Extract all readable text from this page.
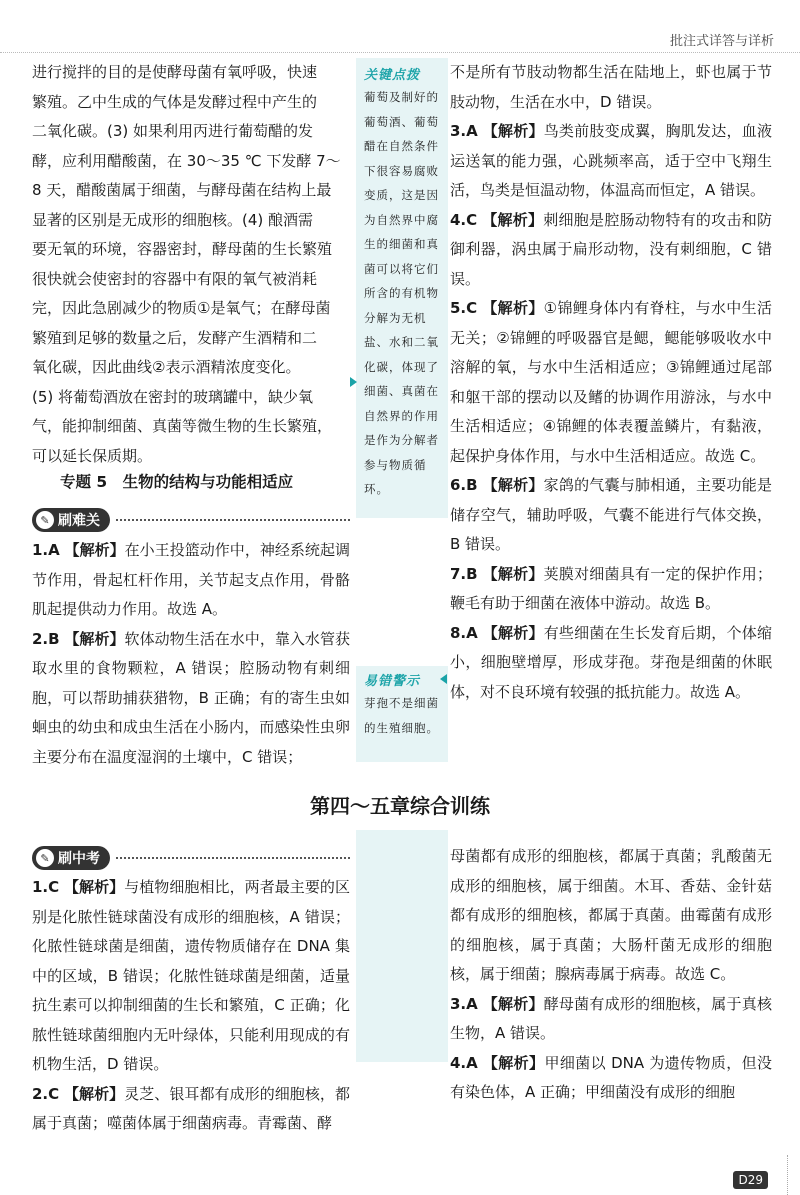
批注式详答与详析

进行搅拌的目的是使酵母菌有氧呼吸，快速

繁殖。乙中生成的气体是发酵过程中产生的

二氧化碳。(3) 如果利用丙进行葡萄醋的发

酵，应利用醋酸菌，在 30～35 ℃ 下发酵 7～

8 天，醋酸菌属于细菌，与酵母菌在结构上最

显著的区别是无成形的细胞核。(4) 酿酒需

要无氧的环境，容器密封，酵母菌的生长繁殖

很快就会使密封的容器中有限的氧气被消耗

完，因此急剧减少的物质①是氧气；在酵母菌

繁殖到足够的数量之后，发酵产生酒精和二

氧化碳，因此曲线②表示酒精浓度变化。

(5) 将葡萄酒放在密封的玻璃罐中，缺少氧

气，能抑制细菌、真菌等微生物的生长繁殖，

可以延长保质期。

专题 5　生物的结构与功能相适应
✎ 刷难关

1.A 【解析】在小王投篮动作中，神经系统起调节作用，骨起杠杆作用，关节起支点作用，骨骼肌起提供动力作用。故选 A。

2.B 【解析】软体动物生活在水中，靠入水管获取水里的食物颗粒，A 错误；腔肠动物有刺细胞，可以帮助捕获猎物，B 正确；有的寄生虫如蛔虫的幼虫和成虫生活在小肠内，而感染性虫卵主要分布在温度湿润的土壤中，C 错误；

关键点拨
葡萄及制好的葡萄酒、葡萄醋在自然条件下很容易腐败变质，这是因为自然界中腐生的细菌和真菌可以将它们所含的有机物分解为无机盐、水和二氧化碳，体现了细菌、真菌在自然界的作用是作为分解者参与物质循环。
易错警示
芽孢不是细菌的生殖细胞。

不是所有节肢动物都生活在陆地上，虾也属于节肢动物，生活在水中，D 错误。

3.A 【解析】鸟类前肢变成翼，胸肌发达，血液运送氧的能力强，心跳频率高，适于空中飞翔生活，鸟类是恒温动物，体温高而恒定，A 错误。

4.C 【解析】刺细胞是腔肠动物特有的攻击和防御利器，涡虫属于扁形动物，没有刺细胞，C 错误。

5.C 【解析】①锦鲤身体内有脊柱，与水中生活无关；②锦鲤的呼吸器官是鳃，鳃能够吸收水中溶解的氧，与水中生活相适应；③锦鲤通过尾部和躯干部的摆动以及鳍的协调作用游泳，与水中生活相适应；④锦鲤的体表覆盖鳞片，有黏液，起保护身体作用，与水中生活相适应。故选 C。

6.B 【解析】家鸽的气囊与肺相通，主要功能是储存空气，辅助呼吸，气囊不能进行气体交换，B 错误。

7.B 【解析】荚膜对细菌具有一定的保护作用；鞭毛有助于细菌在液体中游动。故选 B。

8.A 【解析】有些细菌在生长发育后期，个体缩小，细胞壁增厚，形成芽孢。芽孢是细菌的休眠体，对不良环境有较强的抵抗能力。故选 A。

第四～五章综合训练
✎ 刷中考

1.C 【解析】与植物细胞相比，两者最主要的区别是化脓性链球菌没有成形的细胞核，A 错误；化脓性链球菌是细菌，遗传物质储存在 DNA 集中的区域，B 错误；化脓性链球菌是细菌，适量抗生素可以抑制细菌的生长和繁殖，C 正确；化脓性链球菌细胞内无叶绿体，只能利用现成的有机物生活，D 错误。

2.C 【解析】灵芝、银耳都有成形的细胞核，都属于真菌；噬菌体属于细菌病毒。青霉菌、酵

母菌都有成形的细胞核，都属于真菌；乳酸菌无成形的细胞核，属于细菌。木耳、香菇、金针菇都有成形的细胞核，都属于真菌。曲霉菌有成形的细胞核，属于真菌；大肠杆菌无成形的细胞核，属于细菌；腺病毒属于病毒。故选 C。

3.A 【解析】酵母菌有成形的细胞核，属于真核生物，A 错误。

4.A 【解析】甲细菌以 DNA 为遗传物质，但没有染色体，A 正确；甲细菌没有成形的细胞

D29
